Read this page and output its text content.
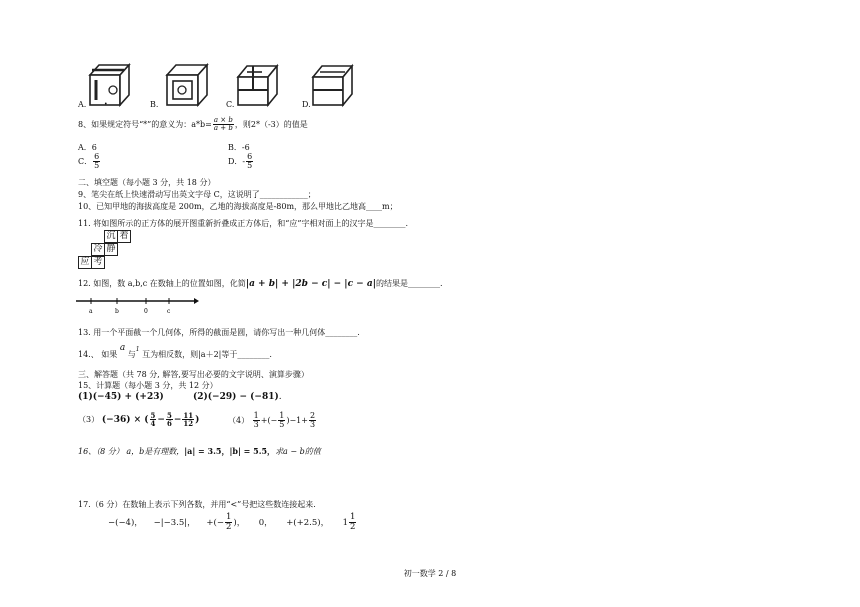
A.	•	B.	C.	D.
8、如果规定符号“*”的意义为：$a*b= \frac{a \times b}{a + b}$ ，则2*（-3）的值是
A．6	B．-6
C． $\frac{6}{5}$	D．- $\frac{6}{5}$
二、填空题（每小题 3 分，共 18 分）
9、笔尖在纸上快速滑动写出英文字母 C，这说明了____________；
10、已知甲地的海拔高度是 200m，乙地的海拔高度是-80m，那么甲地比乙地高____m；
11. 将如图所示的正方体的展开图重新折叠成正方体后，和“应”字相对面上的汉字是________.
沉 着
冷 静
应 考
12. 如图，数 a,b,c 在数轴上的位置如图，化简|a + b| + |2b − c| − |c − a|的结果是________.
a	b	0	c
13. 用一个平面截一个几何体，所得的截面是圆，请你写出一种几何体________.
14.、 如果 a 与$^1$ 互为相反数，则|a＋2|等于________.
三、解答题（共 78 分, 解答,要写出必要的文字说明、演算步骤）
15、计算题（每小题 3 分，共 12 分）
(1)(−45) + (+23)	(2)(−29) − (−81).
（3） (−36) × ( $\frac{5}{4} - \frac{5}{6} - \frac{11}{12}$ )	$(4) \frac{1}{3}$ +(− $\frac{1}{5} )-1+ \frac{2}{3}$
16、（8 分） a，b是有理数，|a| = 3.5，|b| = 5.5，求a − b的值
17.（6 分）在数轴上表示下列各数，并用“<”号把这些数连接起来.
−(−4)， −|−3.5|， +(− $\frac{1}{2}$ )， 0， +(+2.5)， $1 \frac{1}{2}$
初一数学 2 / 8
